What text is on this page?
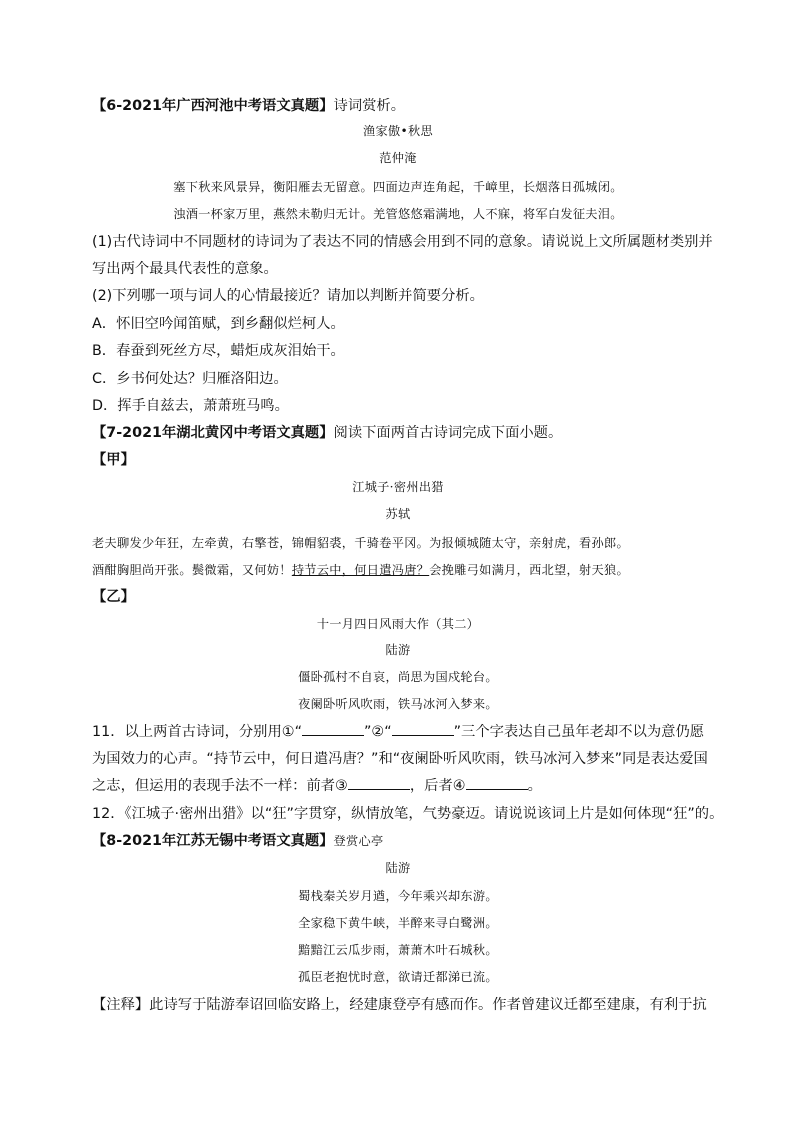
【6-2021年广西河池中考语文真题】诗词赏析。
渔家傲•秋思
范仲淹
塞下秋来风景异，衡阳雁去无留意。四面边声连角起，千嶂里，长烟落日孤城闭。
浊酒一杯家万里，燕然未勒归无计。羌管悠悠霜满地，人不寐，将军白发征夫泪。
(1)古代诗词中不同题材的诗词为了表达不同的情感会用到不同的意象。请说说上文所属题材类别并
写出两个最具代表性的意象。
(2)下列哪一项与词人的心情最接近？请加以判断并简要分析。
A．怀旧空吟闻笛赋，到乡翻似烂柯人。
B．春蚕到死丝方尽，蜡炬成灰泪始干。
C．乡书何处达？归雁洛阳边。
D．挥手自兹去，萧萧班马鸣。
【7-2021年湖北黄冈中考语文真题】阅读下面两首古诗词完成下面小题。
【甲】
江城子·密州出猎
苏轼
老夫聊发少年狂，左牵黄，右擎苍，锦帽貂裘，千骑卷平冈。为报倾城随太守，亲射虎，看孙郎。
酒酣胸胆尚开张。鬓微霜，又何妨！持节云中，何日遣冯唐？会挽雕弓如满月，西北望，射天狼。
【乙】
十一月四日风雨大作（其二）
陆游
僵卧孤村不自哀，尚思为国戍轮台。
夜阑卧听风吹雨，铁马冰河入梦来。
11．以上两首古诗词，分别用①“	”②“	”三个字表达自己虽年老却不以为意仍愿
为国效力的心声。“持节云中，何日遣冯唐？”和“夜阑卧听风吹雨，铁马冰河入梦来”同是表达爱国
之志，但运用的表现手法不一样：前者③	，后者④	。
12．《江城子·密州出猎》以“狂”字贯穿，纵情放笔，气势豪迈。请说说该词上片是如何体现“狂”的。
【8-2021年江苏无锡中考语文真题】登赏心亭
陆游
蜀栈秦关岁月遒，今年乘兴却东游。
全家稳下黄牛峡，半醉来寻白鹭洲。
黯黯江云瓜步雨，萧萧木叶石城秋。
孤臣老抱忧时意，欲请迁都涕已流。
【注释】此诗写于陆游奉诏回临安路上，经建康登亭有感而作。作者曾建议迁都至建康，有利于抗
